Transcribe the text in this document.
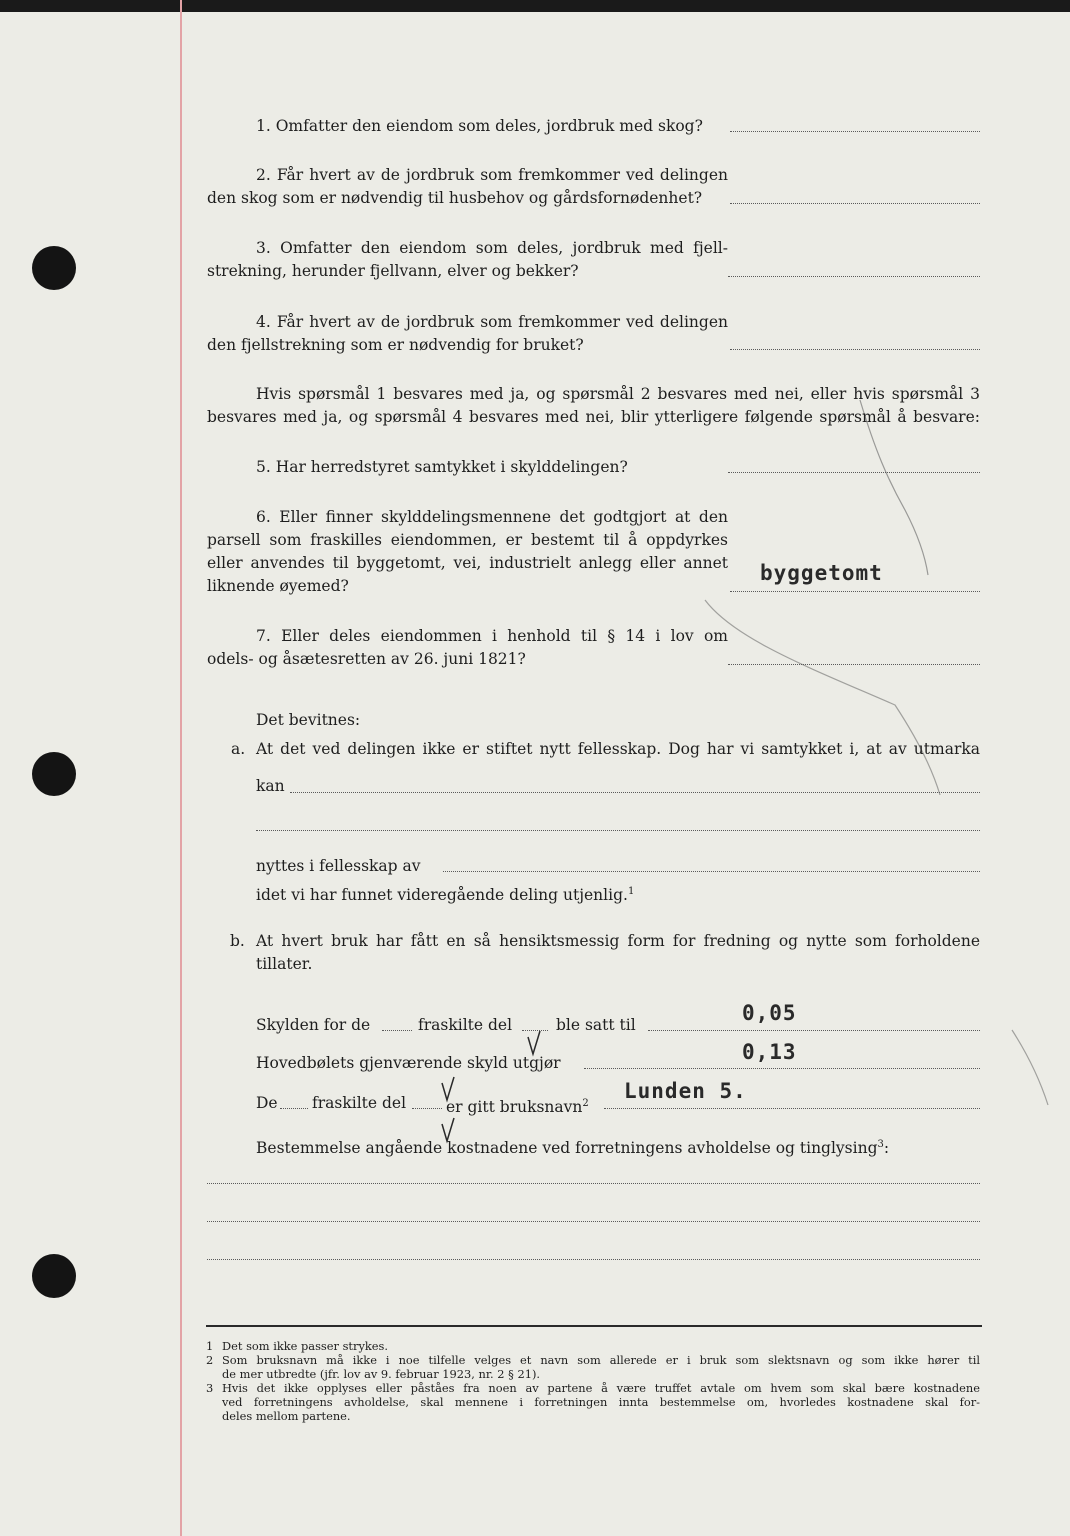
1. Omfatter den eiendom som deles, jordbruk med skog?

2. Får hvert av de jordbruk som fremkommer ved delingen

den skog som er nødvendig til husbehov og gårdsfornødenhet?

3. Omfatter den eiendom som deles, jordbruk med fjell-

strekning, herunder fjellvann, elver og bekker?

4. Får hvert av de jordbruk som fremkommer ved delingen

den fjellstrekning som er nødvendig for bruket?

Hvis spørsmål 1 besvares med ja, og spørsmål 2 besvares med nei, eller hvis spørsmål 3

besvares med ja, og spørsmål 4 besvares med nei, blir ytterligere følgende spørsmål å besvare:

5. Har herredstyret samtykket i skylddelingen?

6. Eller finner skylddelingsmennene det godtgjort at den

parsell som fraskilles eiendommen, er bestemt til å oppdyrkes

eller anvendes til byggetomt, vei, industrielt anlegg eller annet

liknende øyemed?

byggetomt

7. Eller deles eiendommen i henhold til § 14 i lov om

odels- og åsætesretten av 26. juni 1821?

Det bevitnes:

a. At det ved delingen ikke er stiftet nytt fellesskap. Dog har vi samtykket i, at av utmarka

kan

nyttes i fellesskap av

idet vi har funnet videregående deling utjenlig.$^1$

b. At hvert bruk har fått en så hensiktsmessig form for fredning og nytte som forholdene

tillater.

Skylden for de	fraskilte del	ble satt til	0,05

Hovedbølets gjenværende skyld utgjør	0,13

De fraskilte del	er gitt bruksnavn$^2$

Lunden 5.

Bestemmelse angående kostnadene ved forretningens avholdelse og tinglysing$^3$:

1 Det som ikke passer strykes.

2 Som bruksnavn må ikke i noe tilfelle velges et navn som allerede er i bruk som slektsnavn og som ikke hører til

de mer utbredte (jfr. lov av 9. februar 1923, nr. 2 § 21).

3 Hvis det ikke opplyses eller påståes fra noen av partene å være truffet avtale om hvem som skal bære kostnadene

ved forretningens avholdelse, skal mennene i forretningen innta bestemmelse om, hvorledes kostnadene skal for-

deles mellom partene.
